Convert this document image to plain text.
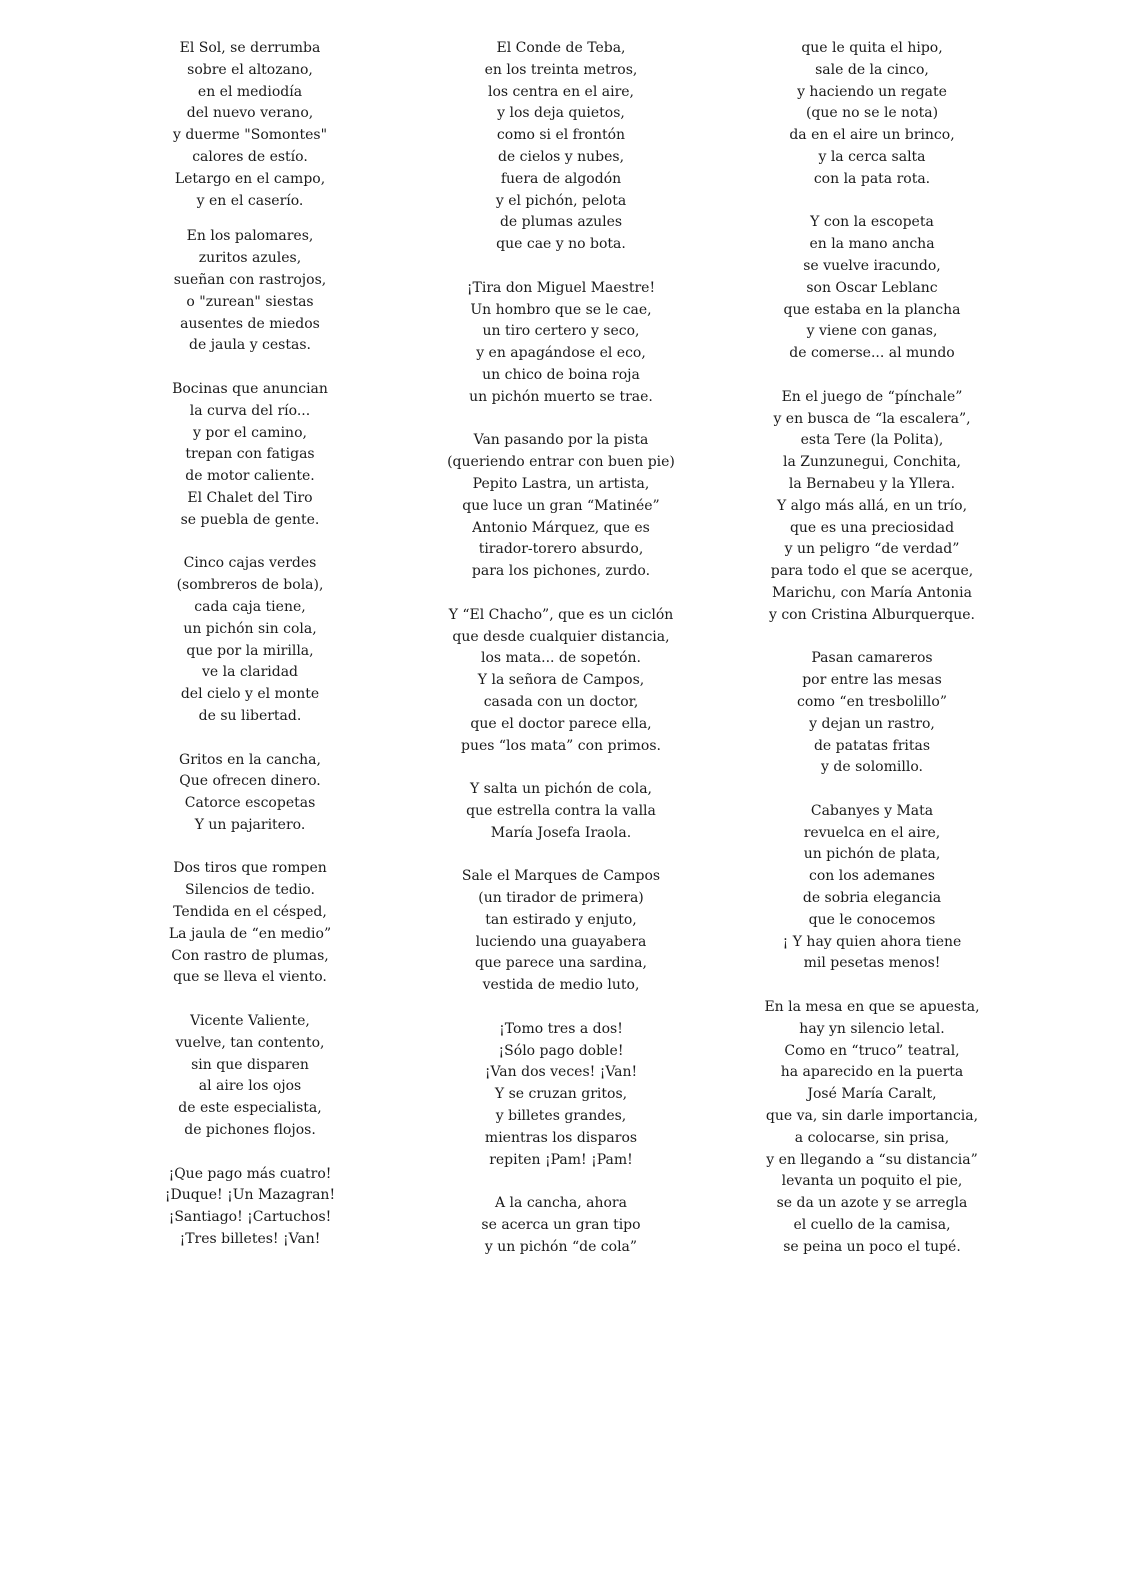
El Sol, se derrumba
sobre el altozano,
en el mediodía
del nuevo verano,
y duerme "Somontes"
calores de estío.
Letargo en el campo,
y en el caserío.
En los palomares,
zuritos azules,
sueñan con rastrojos,
o "zurean" siestas
ausentes de miedos
de jaula y cestas.
Bocinas que anuncian
la curva del río...
y por el camino,
trepan con fatigas
de motor caliente.
El Chalet del Tiro
se puebla de gente.
Cinco cajas verdes
(sombreros de bola),
cada caja tiene,
un pichón sin cola,
que por la mirilla,
ve la claridad
del cielo y el monte
de su libertad.
Gritos en la cancha,
Que ofrecen dinero.
Catorce escopetas
Y un pajaritero.
Dos tiros que rompen
Silencios de tedio.
Tendida en el césped,
La jaula de “en medio”
Con rastro de plumas,
que se lleva el viento.
Vicente Valiente,
vuelve, tan contento,
sin que disparen
al aire los ojos
de este especialista,
de pichones flojos.
¡Que pago más cuatro!
¡Duque! ¡Un Mazagran!
¡Santiago! ¡Cartuchos!
¡Tres billetes! ¡Van!
El Conde de Teba,
en los treinta metros,
los centra en el aire,
y los deja quietos,
como si el frontón
de cielos y nubes,
fuera de algodón
y el pichón, pelota
de plumas azules
que cae y no bota.
¡Tira don Miguel Maestre!
Un hombro que se le cae,
un tiro certero y seco,
y en apagándose el eco,
un chico de boina roja
un pichón muerto se trae.
Van pasando por la pista
(queriendo entrar con buen pie)
Pepito Lastra, un artista,
que luce un gran “Matinée”
Antonio Márquez, que es
tirador-torero absurdo,
para los pichones, zurdo.
Y “El Chacho”, que es un ciclón
que desde cualquier distancia,
los mata... de sopetón.
Y la señora de Campos,
casada con un doctor,
que el doctor parece ella,
pues “los mata” con primos.
Y salta un pichón de cola,
que estrella contra la valla
María Josefa Iraola.
Sale el Marques de Campos
(un tirador de primera)
tan estirado y enjuto,
luciendo una guayabera
que parece una sardina,
vestida de medio luto,
¡Tomo tres a dos!
¡Sólo pago doble!
¡Van dos veces! ¡Van!
Y se cruzan gritos,
y billetes grandes,
mientras los disparos
repiten ¡Pam! ¡Pam!
A la cancha, ahora
se acerca un gran tipo
y un pichón “de cola”
que le quita el hipo,
sale de la cinco,
y haciendo un regate
(que no se le nota)
da en el aire un brinco,
y la cerca salta
con la pata rota.
Y con la escopeta
en la mano ancha
se vuelve iracundo,
son Oscar Leblanc
que estaba en la plancha
y viene con ganas,
de comerse... al mundo
En el juego de “pínchale”
y en busca de “la escalera”,
esta Tere (la Polita),
la Zunzunegui, Conchita,
la Bernabeu y la Yllera.
Y algo más allá, en un trío,
que es una preciosidad
y un peligro “de verdad”
para todo el que se acerque,
Marichu, con María Antonia
y con Cristina Alburquerque.
Pasan camareros
por entre las mesas
como “en tresbolillo”
y dejan un rastro,
de patatas fritas
y de solomillo.
Cabanyes y Mata
revuelca en el aire,
un pichón de plata,
con los ademanes
de sobria elegancia
que le conocemos
¡ Y hay quien ahora tiene
mil pesetas menos!
En la mesa en que se apuesta,
hay yn silencio letal.
Como en “truco” teatral,
ha aparecido en la puerta
José María Caralt,
que va, sin darle importancia,
a colocarse, sin prisa,
y en llegando a “su distancia”
levanta un poquito el pie,
se da un azote y se arregla
el cuello de la camisa,
se peina un poco el tupé.
